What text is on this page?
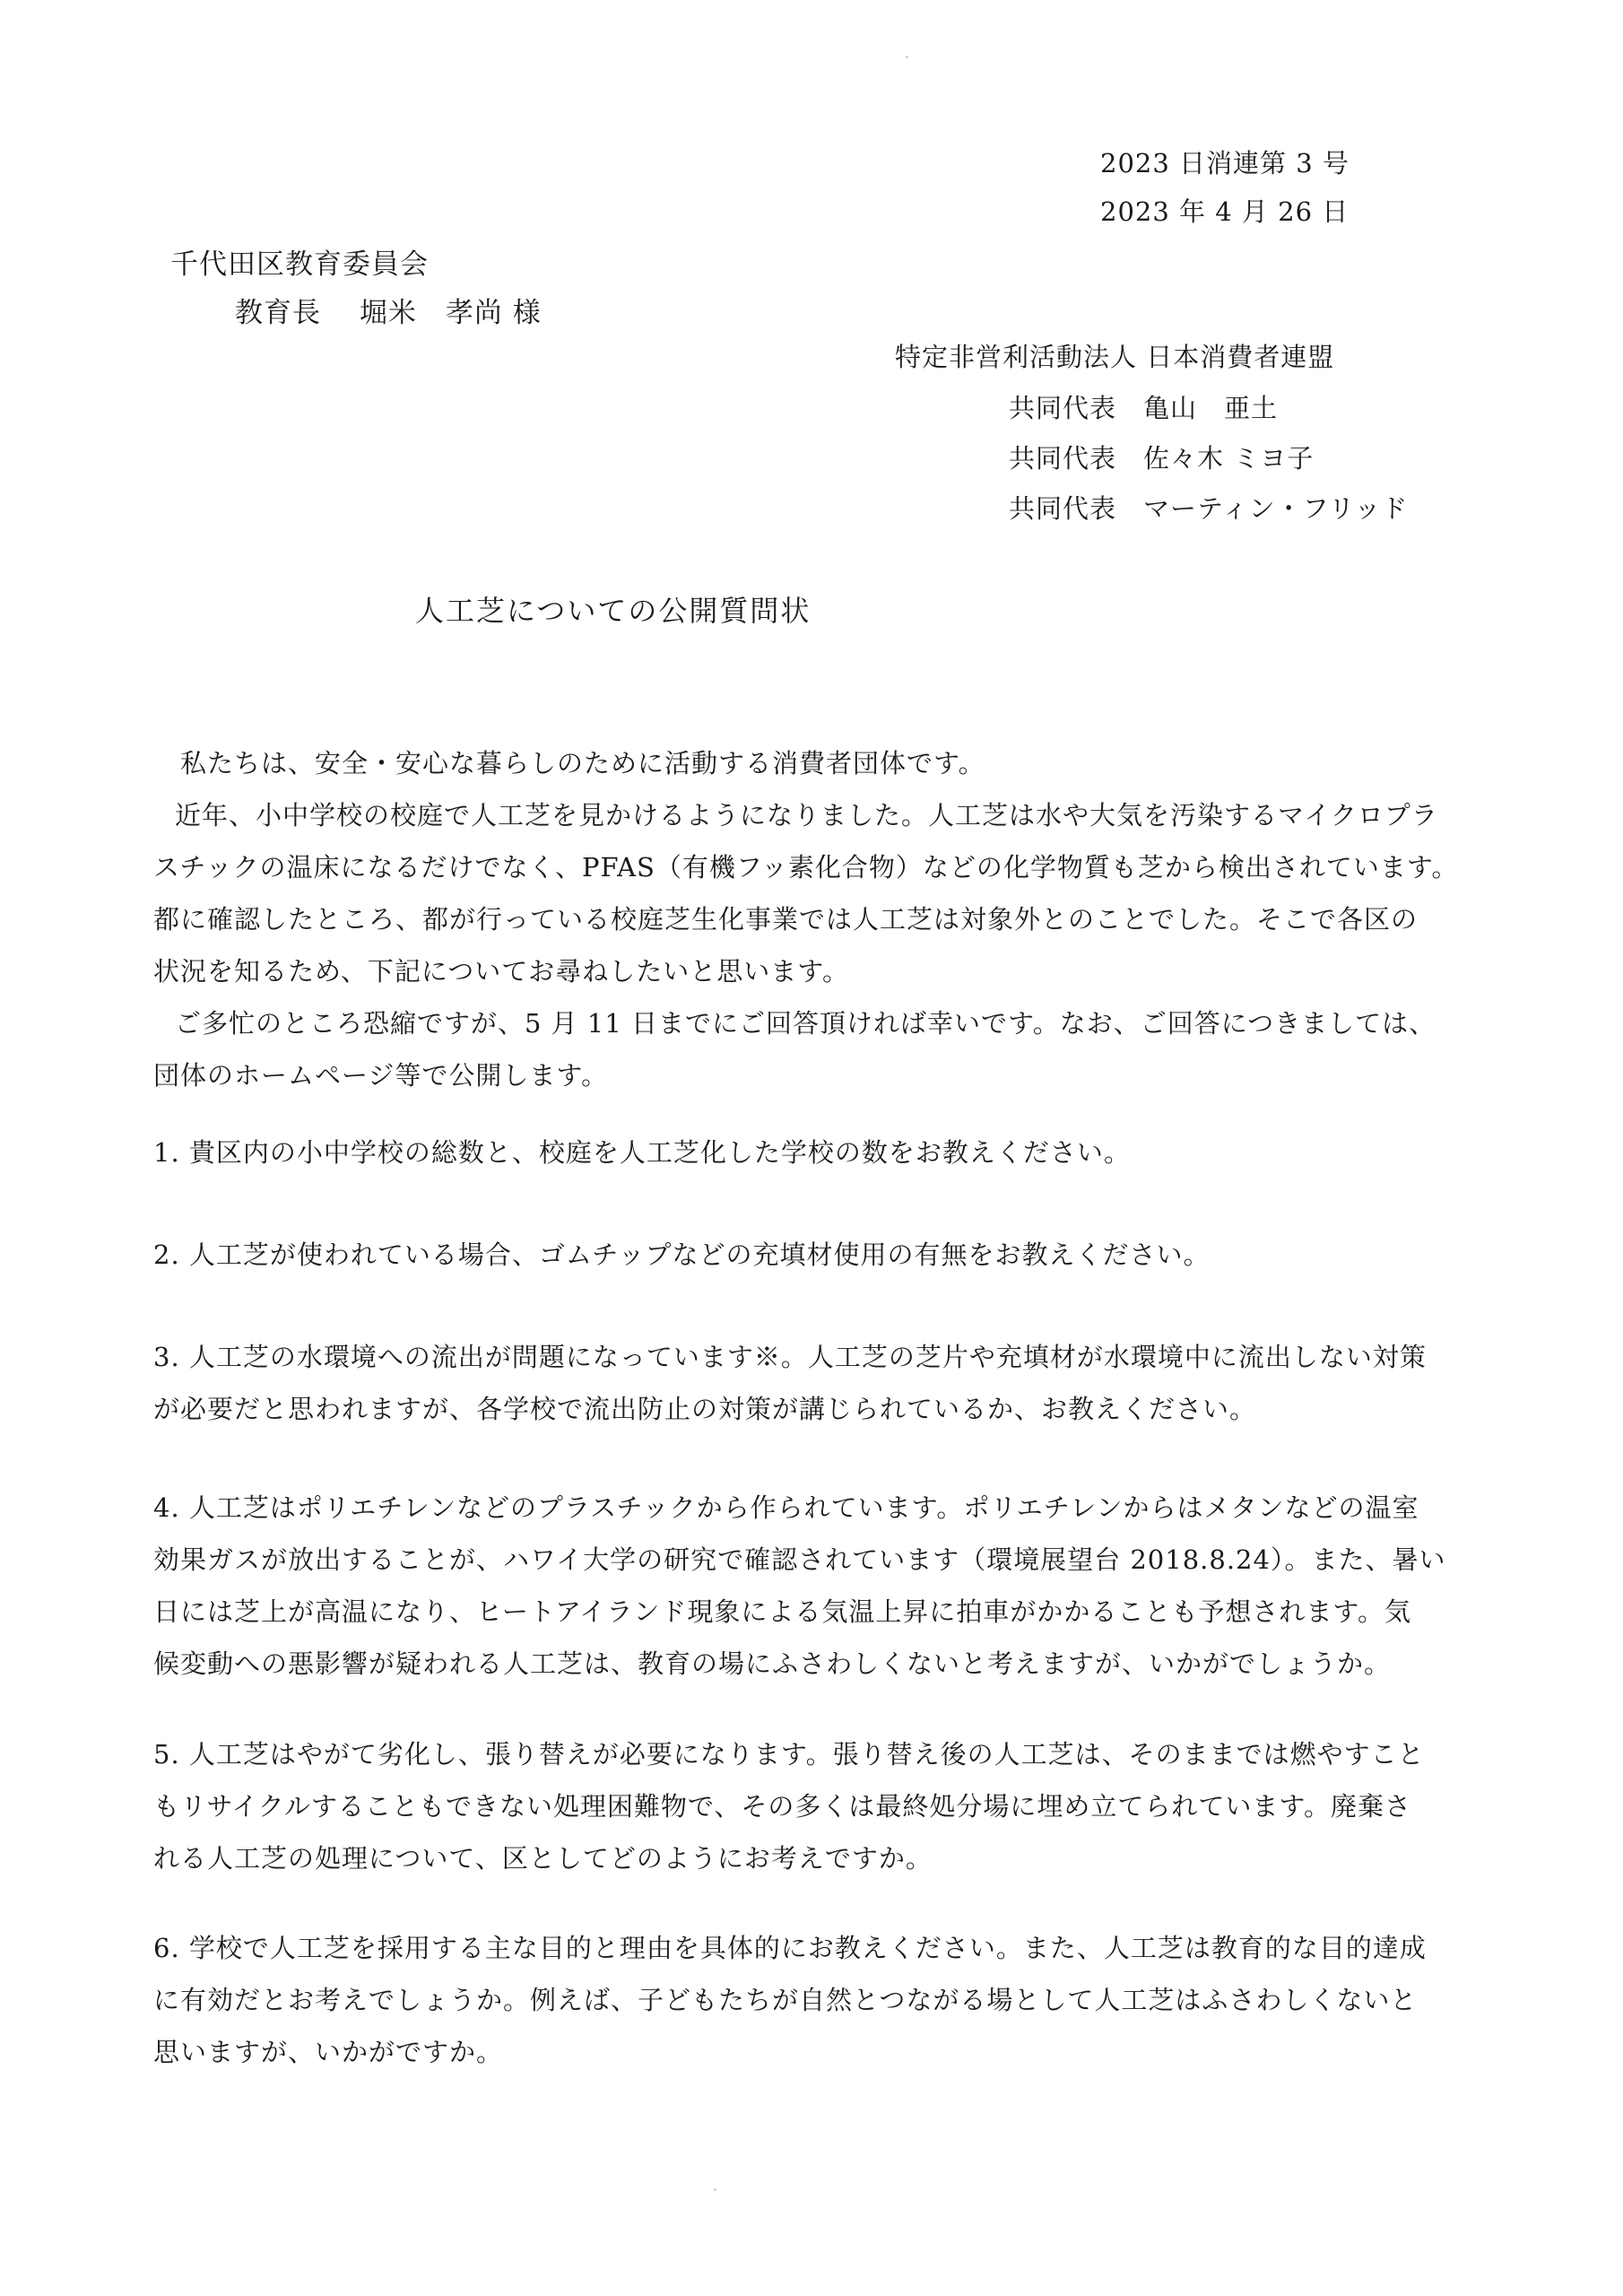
2023 日消連第 3 号
2023 年 4 月 26 日
千代田区教育委員会
教育長　 堀米　孝尚 様
特定非営利活動法人 日本消費者連盟
共同代表　亀山　亜土
共同代表　佐々木 ミヨ子
共同代表　マーティン・フリッド
人工芝についての公開質問状
　私たちは、安全・安心な暮らしのために活動する消費者団体です。
近年、小中学校の校庭で人工芝を見かけるようになりました。人工芝は水や大気を汚染するマイクロプラ
スチックの温床になるだけでなく、PFAS（有機フッ素化合物）などの化学物質も芝から検出されています。
都に確認したところ、都が行っている校庭芝生化事業では人工芝は対象外とのことでした。そこで各区の
状況を知るため、下記についてお尋ねしたいと思います。
ご多忙のところ恐縮ですが、5 月 11 日までにご回答頂ければ幸いです。なお、ご回答につきましては、
団体のホームページ等で公開します。
1. 貴区内の小中学校の総数と、校庭を人工芝化した学校の数をお教えください。
2. 人工芝が使われている場合、ゴムチップなどの充填材使用の有無をお教えください。
3. 人工芝の水環境への流出が問題になっています※。人工芝の芝片や充填材が水環境中に流出しない対策
が必要だと思われますが、各学校で流出防止の対策が講じられているか、お教えください。
4. 人工芝はポリエチレンなどのプラスチックから作られています。ポリエチレンからはメタンなどの温室
効果ガスが放出することが、ハワイ大学の研究で確認されています（環境展望台 2018.8.24）。また、暑い
日には芝上が高温になり、ヒートアイランド現象による気温上昇に拍車がかかることも予想されます。気
候変動への悪影響が疑われる人工芝は、教育の場にふさわしくないと考えますが、いかがでしょうか。
5. 人工芝はやがて劣化し、張り替えが必要になります。張り替え後の人工芝は、そのままでは燃やすこと
もリサイクルすることもできない処理困難物で、その多くは最終処分場に埋め立てられています。廃棄さ
れる人工芝の処理について、区としてどのようにお考えですか。
6. 学校で人工芝を採用する主な目的と理由を具体的にお教えください。また、人工芝は教育的な目的達成
に有効だとお考えでしょうか。例えば、子どもたちが自然とつながる場として人工芝はふさわしくないと
思いますが、いかがですか。
